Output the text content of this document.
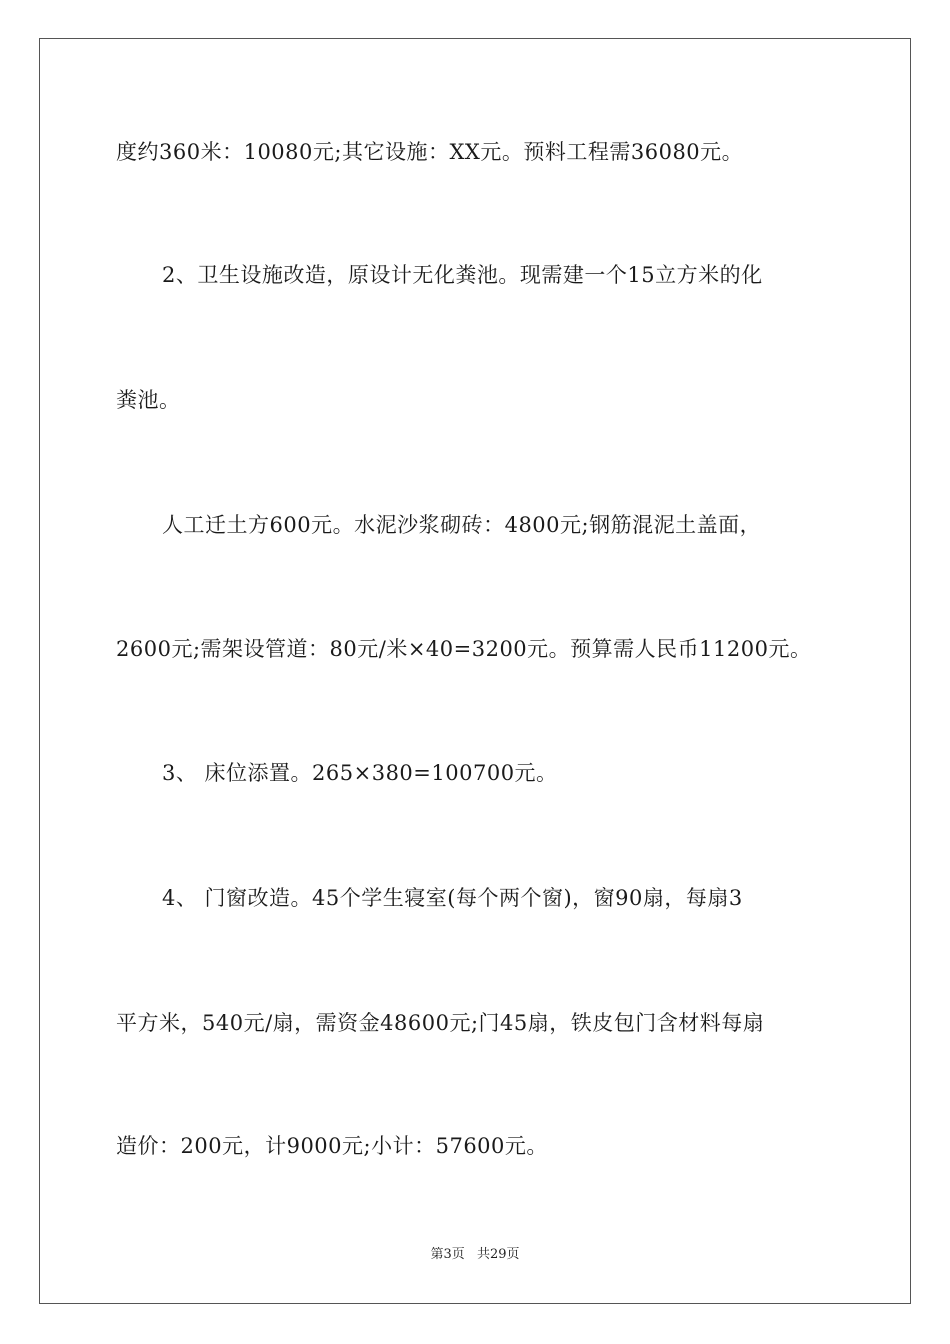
度约360米：10080元;其它设施：XX元。预料工程需36080元。
2、卫生设施改造，原设计无化粪池。现需建一个15立方米的化
粪池。
人工迁土方600元。水泥沙浆砌砖：4800元;钢筋混泥土盖面，
2600元;需架设管道：80元/米×40=3200元。预算需人民币11200元。
3、 床位添置。265×380=100700元。
4、 门窗改造。45个学生寝室(每个两个窗)，窗90扇，每扇3
平方米，540元/扇，需资金48600元;门45扇，铁皮包门含材料每扇
造价：200元，计9000元;小计：57600元。
第3页 共29页
